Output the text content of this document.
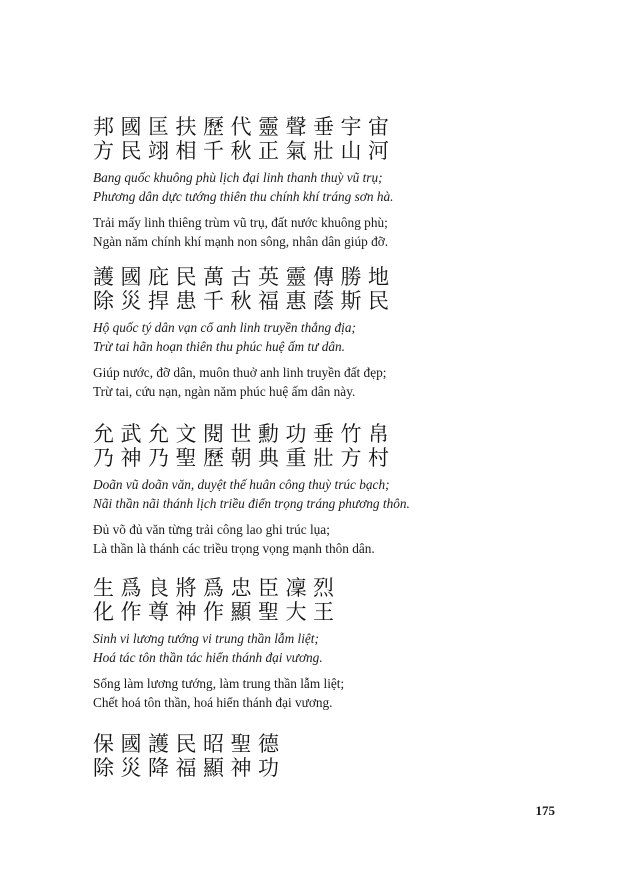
邦國匡扶歷代靈聲垂宇宙
方民翊相千秋正氣壯山河
Bang quốc khuông phù lịch đại linh thanh thuỳ vũ trụ;
Phương dân dực tướng thiên thu chính khí tráng sơn hà.
Trải mấy linh thiêng trùm vũ trụ, đất nước khuông phù;
Ngàn năm chính khí mạnh non sông, nhân dân giúp đỡ.
護國庇民萬古英靈傳勝地
除災捍患千秋福惠蔭斯民
Hộ quốc tý dân vạn cổ anh linh truyền thắng địa;
Trừ tai hãn hoạn thiên thu phúc huệ ấm tư dân.
Giúp nước, đỡ dân, muôn thuở anh linh truyền đất đẹp;
Trừ tai, cứu nạn, ngàn năm phúc huệ ấm dân này.
允武允文閱世勳功垂竹帛
乃神乃聖歷朝典重壯方村
Doãn vũ doãn văn, duyệt thế huân công thuỳ trúc bạch;
Nãi thần nãi thánh lịch triều điển trọng tráng phương thôn.
Đủ võ đủ văn từng trải công lao ghi trúc lụa;
Là thần là thánh các triều trọng vọng mạnh thôn dân.
生爲良將爲忠臣凜烈
化作尊神作顯聖大王
Sinh vi lương tướng vi trung thần lẫm liệt;
Hoá tác tôn thần tác hiển thánh đại vương.
Sống làm lương tướng, làm trung thần lẫm liệt;
Chết hoá tôn thần, hoá hiển thánh đại vương.
保國護民昭聖德
除災降福顯神功
175
